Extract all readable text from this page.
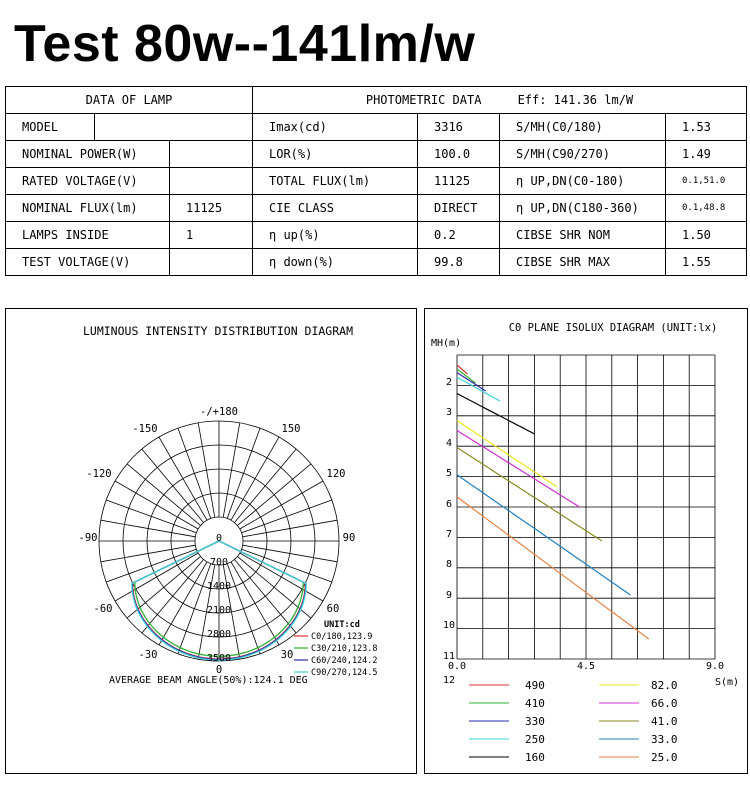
Test 80w--141lm/w
DATA OF LAMP			PHOTOMETRIC DATA Eff: 141.36 lm/W			
MODEL			Imax(cd)	3316	S/MH(C0/180)	1.53
NOMINAL POWER(W)			LOR(%)	100.0	S/MH(C90/270)	1.49
RATED VOLTAGE(V)			TOTAL FLUX(lm)	11125	η UP,DN(C0-180)	0.1,51.0
NOMINAL FLUX(lm)		11125	CIE CLASS	DIRECT	η UP,DN(C180-360)	0.1,48.8
LAMPS INSIDE		1	η up(%)	0.2	CIBSE SHR NOM	1.50
TEST VOLTAGE(V)			η down(%)	99.8	CIBSE SHR MAX	1.55
LUMINOUS INTENSITY DISTRIBUTION DIAGRAM
-/+180
-150	150
-120	120
-90	90
-60	60
-30	30
0
0
700
1400
2100
2800
3500
UNIT:cd
C0/180,123.9
C30/210,123.8
C60/240,124.2
C90/270,124.5
AVERAGE BEAM ANGLE(50%):124.1 DEG
C0 PLANE ISOLUX DIAGRAM (UNIT:lx)
MH(m)
2
3
4
5
6
7
8
9
10
11
12
0.0	4.5	9.0
S(m)
490	82.0
410	66.0
330	41.0
250	33.0
160	25.0
